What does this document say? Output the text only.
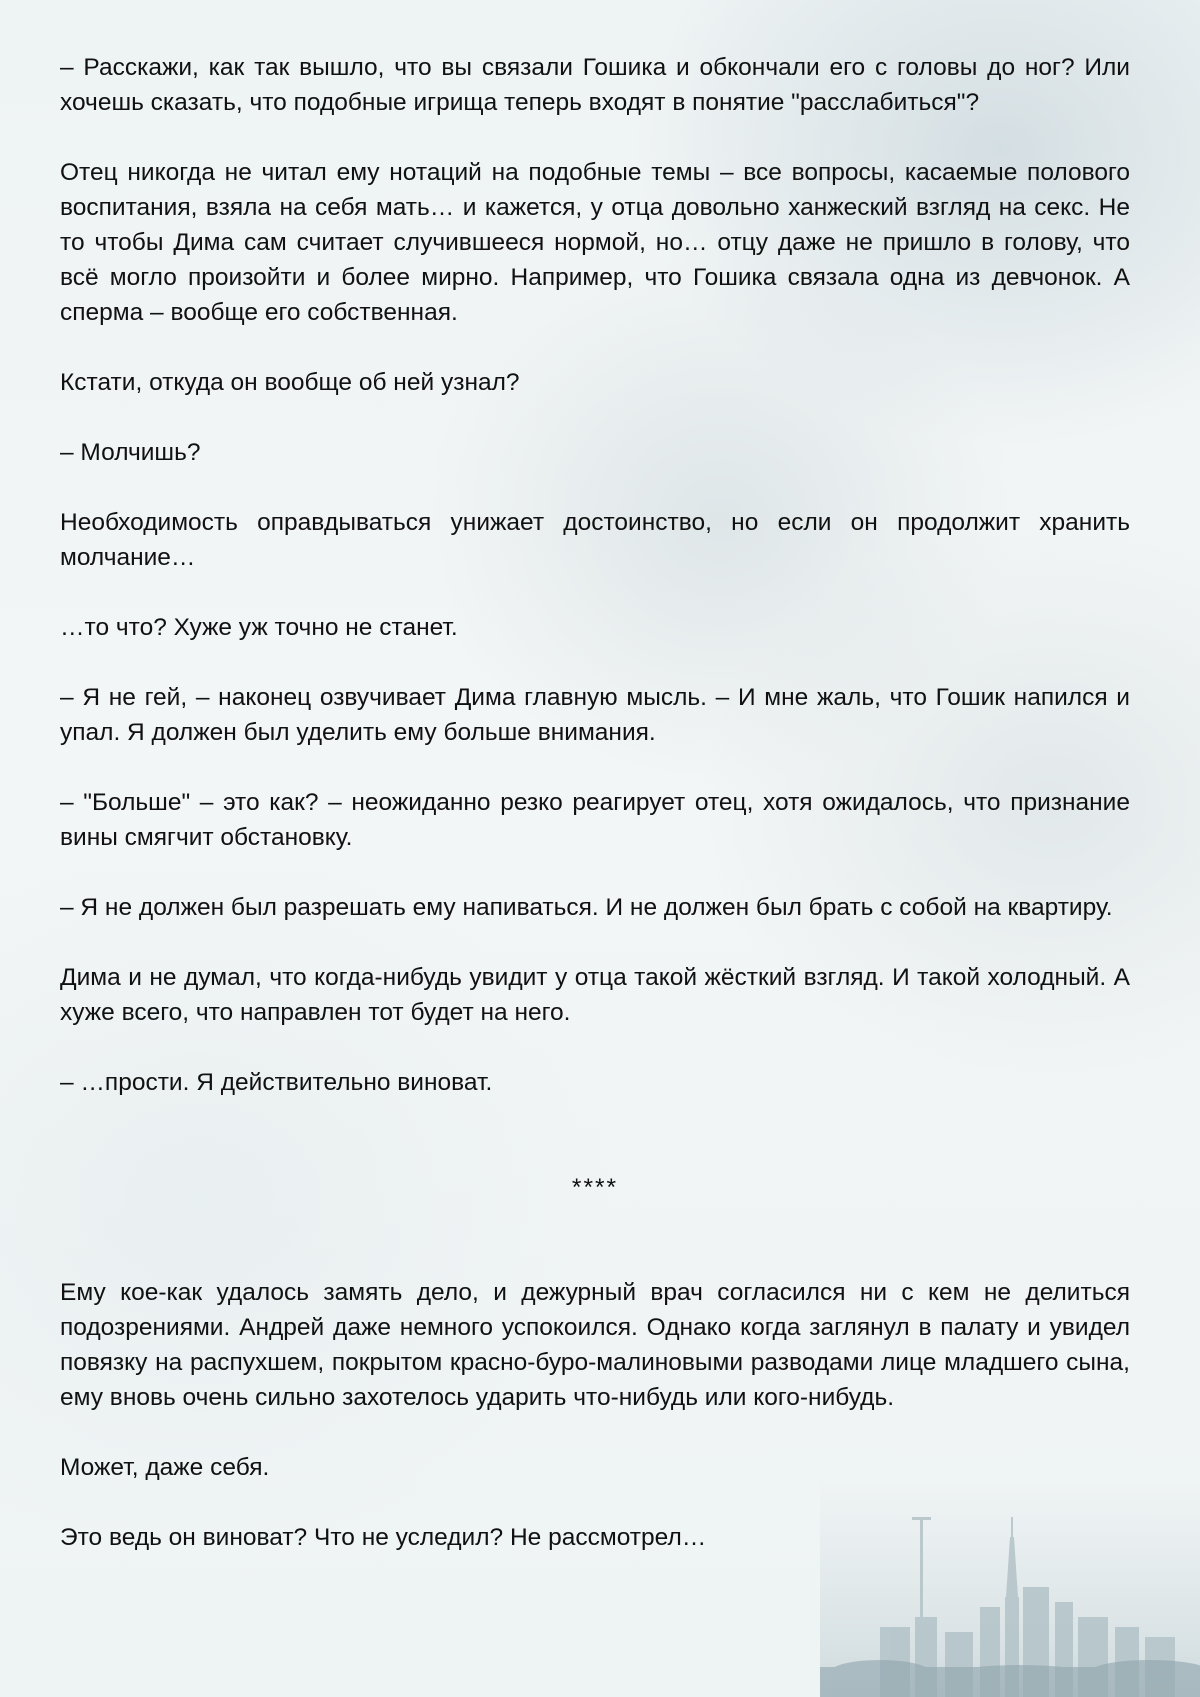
– Расскажи, как так вышло, что вы связали Гошика и обкончали его с головы до ног? Или хочешь сказать, что подобные игрища теперь входят в понятие "расслабиться"?

Отец никогда не читал ему нотаций на подобные темы – все вопросы, касаемые полового воспитания, взяла на себя мать… и кажется, у отца довольно ханжеский взгляд на секс. Не то чтобы Дима сам считает случившееся нормой, но… отцу даже не пришло в голову, что всё могло произойти и более мирно. Например, что Гошика связала одна из девчонок. А сперма – вообще его собственная.

Кстати, откуда он вообще об ней узнал?

– Молчишь?

Необходимость оправдываться унижает достоинство, но если он продолжит хранить молчание…

…то что? Хуже уж точно не станет.

– Я не гей, – наконец озвучивает Дима главную мысль. – И мне жаль, что Гошик напился и упал. Я должен был уделить ему больше внимания.

– "Больше" – это как? – неожиданно резко реагирует отец, хотя ожидалось, что признание вины смягчит обстановку.

– Я не должен был разрешать ему напиваться. И не должен был брать с собой на квартиру.

Дима и не думал, что когда-нибудь увидит у отца такой жёсткий взгляд. И такой холодный. А хуже всего, что направлен тот будет на него.

– …прости. Я действительно виноват.

****

Ему кое-как удалось замять дело, и дежурный врач согласился ни с кем не делиться подозрениями. Андрей даже немного успокоился. Однако когда заглянул в палату и увидел повязку на распухшем, покрытом красно-буро-малиновыми разводами лице младшего сына, ему вновь очень сильно захотелось ударить что-нибудь или кого-нибудь.

Может, даже себя.

Это ведь он виноват? Что не уследил? Не рассмотрел…
